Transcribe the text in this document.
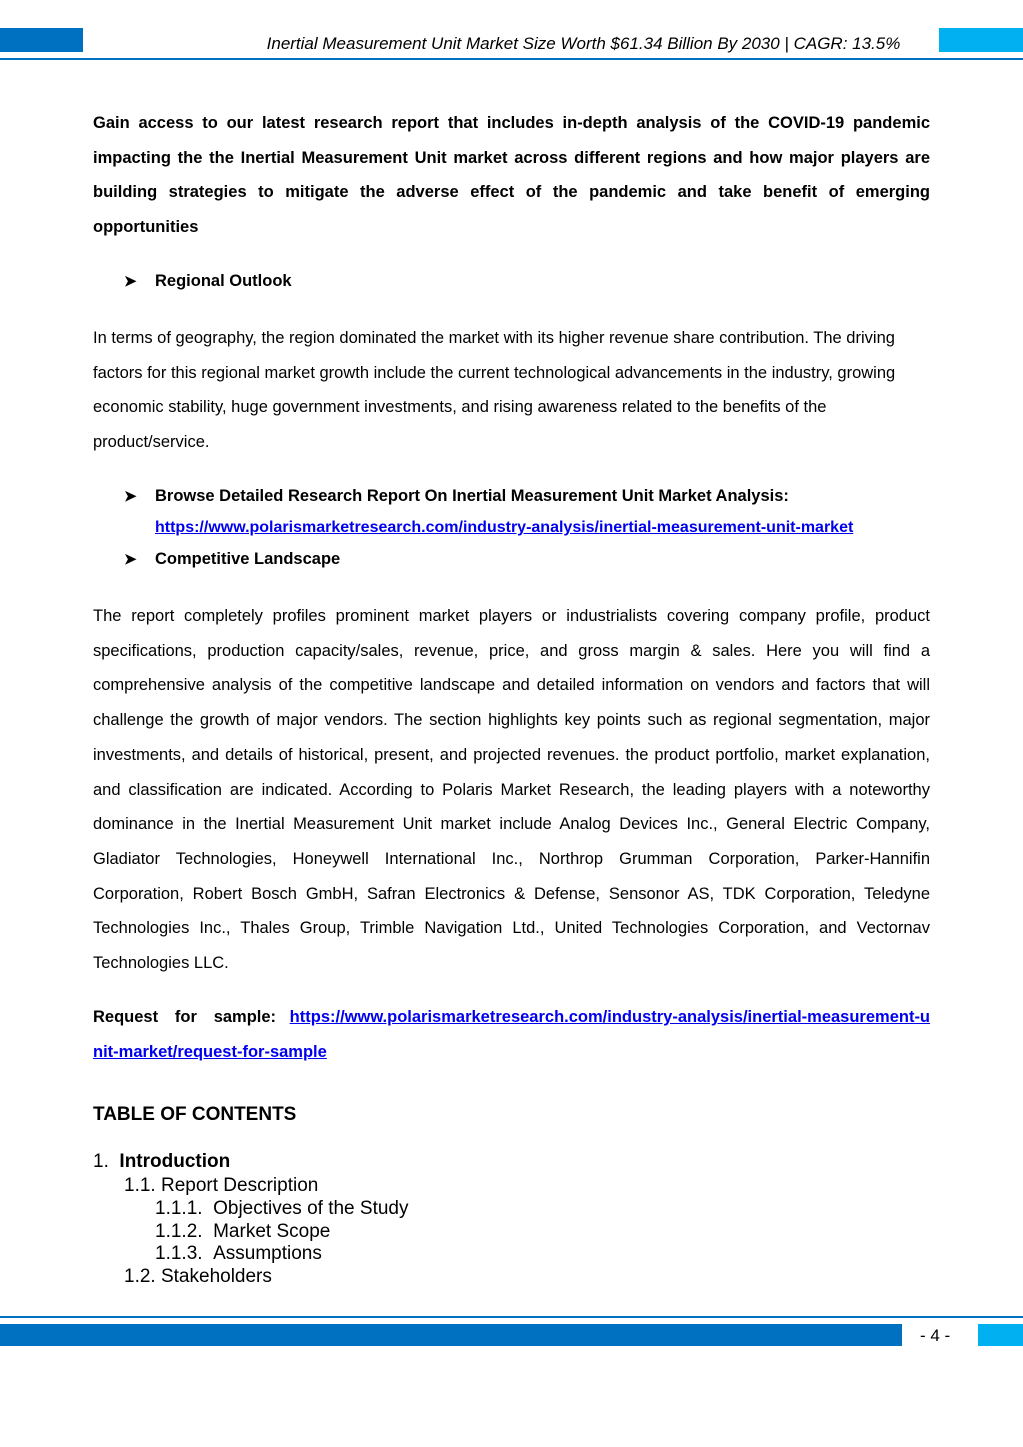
Inertial Measurement Unit Market Size Worth $61.34 Billion By 2030 | CAGR: 13.5%
Gain access to our latest research report that includes in-depth analysis of the COVID-19 pandemic impacting the the Inertial Measurement Unit market across different regions and how major players are building strategies to mitigate the adverse effect of the pandemic and take benefit of emerging opportunities
➤ Regional Outlook
In terms of geography, the region dominated the market with its higher revenue share contribution. The driving factors for this regional market growth include the current technological advancements in the industry, growing economic stability, huge government investments, and rising awareness related to the benefits of the product/service.
➤ Browse Detailed Research Report On Inertial Measurement Unit Market Analysis:
https://www.polarismarketresearch.com/industry-analysis/inertial-measurement-unit-market
➤ Competitive Landscape
The report completely profiles prominent market players or industrialists covering company profile, product specifications, production capacity/sales, revenue, price, and gross margin & sales. Here you will find a comprehensive analysis of the competitive landscape and detailed information on vendors and factors that will challenge the growth of major vendors. The section highlights key points such as regional segmentation, major investments, and details of historical, present, and projected revenues. the product portfolio, market explanation, and classification are indicated. According to Polaris Market Research, the leading players with a noteworthy dominance in the Inertial Measurement Unit market include Analog Devices Inc., General Electric Company, Gladiator Technologies, Honeywell International Inc., Northrop Grumman Corporation, Parker-Hannifin Corporation, Robert Bosch GmbH, Safran Electronics & Defense, Sensonor AS, TDK Corporation, Teledyne Technologies Inc., Thales Group, Trimble Navigation Ltd., United Technologies Corporation, and Vectornav Technologies LLC.
Request for sample: https://www.polarismarketresearch.com/industry-analysis/inertial-measurement-unit-market/request-for-sample
TABLE OF CONTENTS
1. Introduction
1.1. Report Description
1.1.1. Objectives of the Study
1.1.2. Market Scope
1.1.3. Assumptions
1.2. Stakeholders
- 4 -
